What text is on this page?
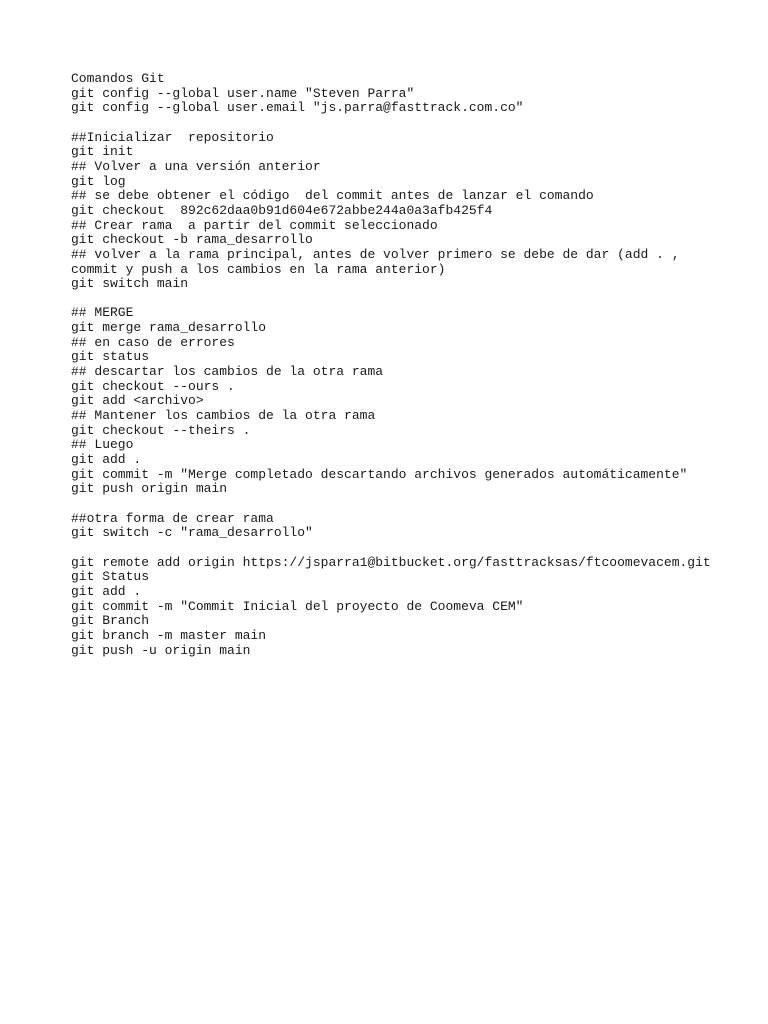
Comandos Git
git config --global user.name "Steven Parra"
git config --global user.email "js.parra@fasttrack.com.co"
##Inicializar  repositorio
git init
## Volver a una versión anterior
git log
## se debe obtener el código  del commit antes de lanzar el comando
git checkout  892c62daa0b91d604e672abbe244a0a3afb425f4
## Crear rama  a partir del commit seleccionado
git checkout -b rama_desarrollo
## volver a la rama principal, antes de volver primero se debe de dar (add . ,
commit y push a los cambios en la rama anterior)
git switch main
## MERGE
git merge rama_desarrollo
## en caso de errores
git status
## descartar los cambios de la otra rama
git checkout --ours .
git add <archivo>
## Mantener los cambios de la otra rama
git checkout --theirs .
## Luego
git add .
git commit -m "Merge completado descartando archivos generados automáticamente"
git push origin main
##otra forma de crear rama
git switch -c "rama_desarrollo"
git remote add origin https://jsparra1@bitbucket.org/fasttracksas/ftcoomevacem.git
git Status
git add .
git commit -m "Commit Inicial del proyecto de Coomeva CEM"
git Branch
git branch -m master main
git push -u origin main
